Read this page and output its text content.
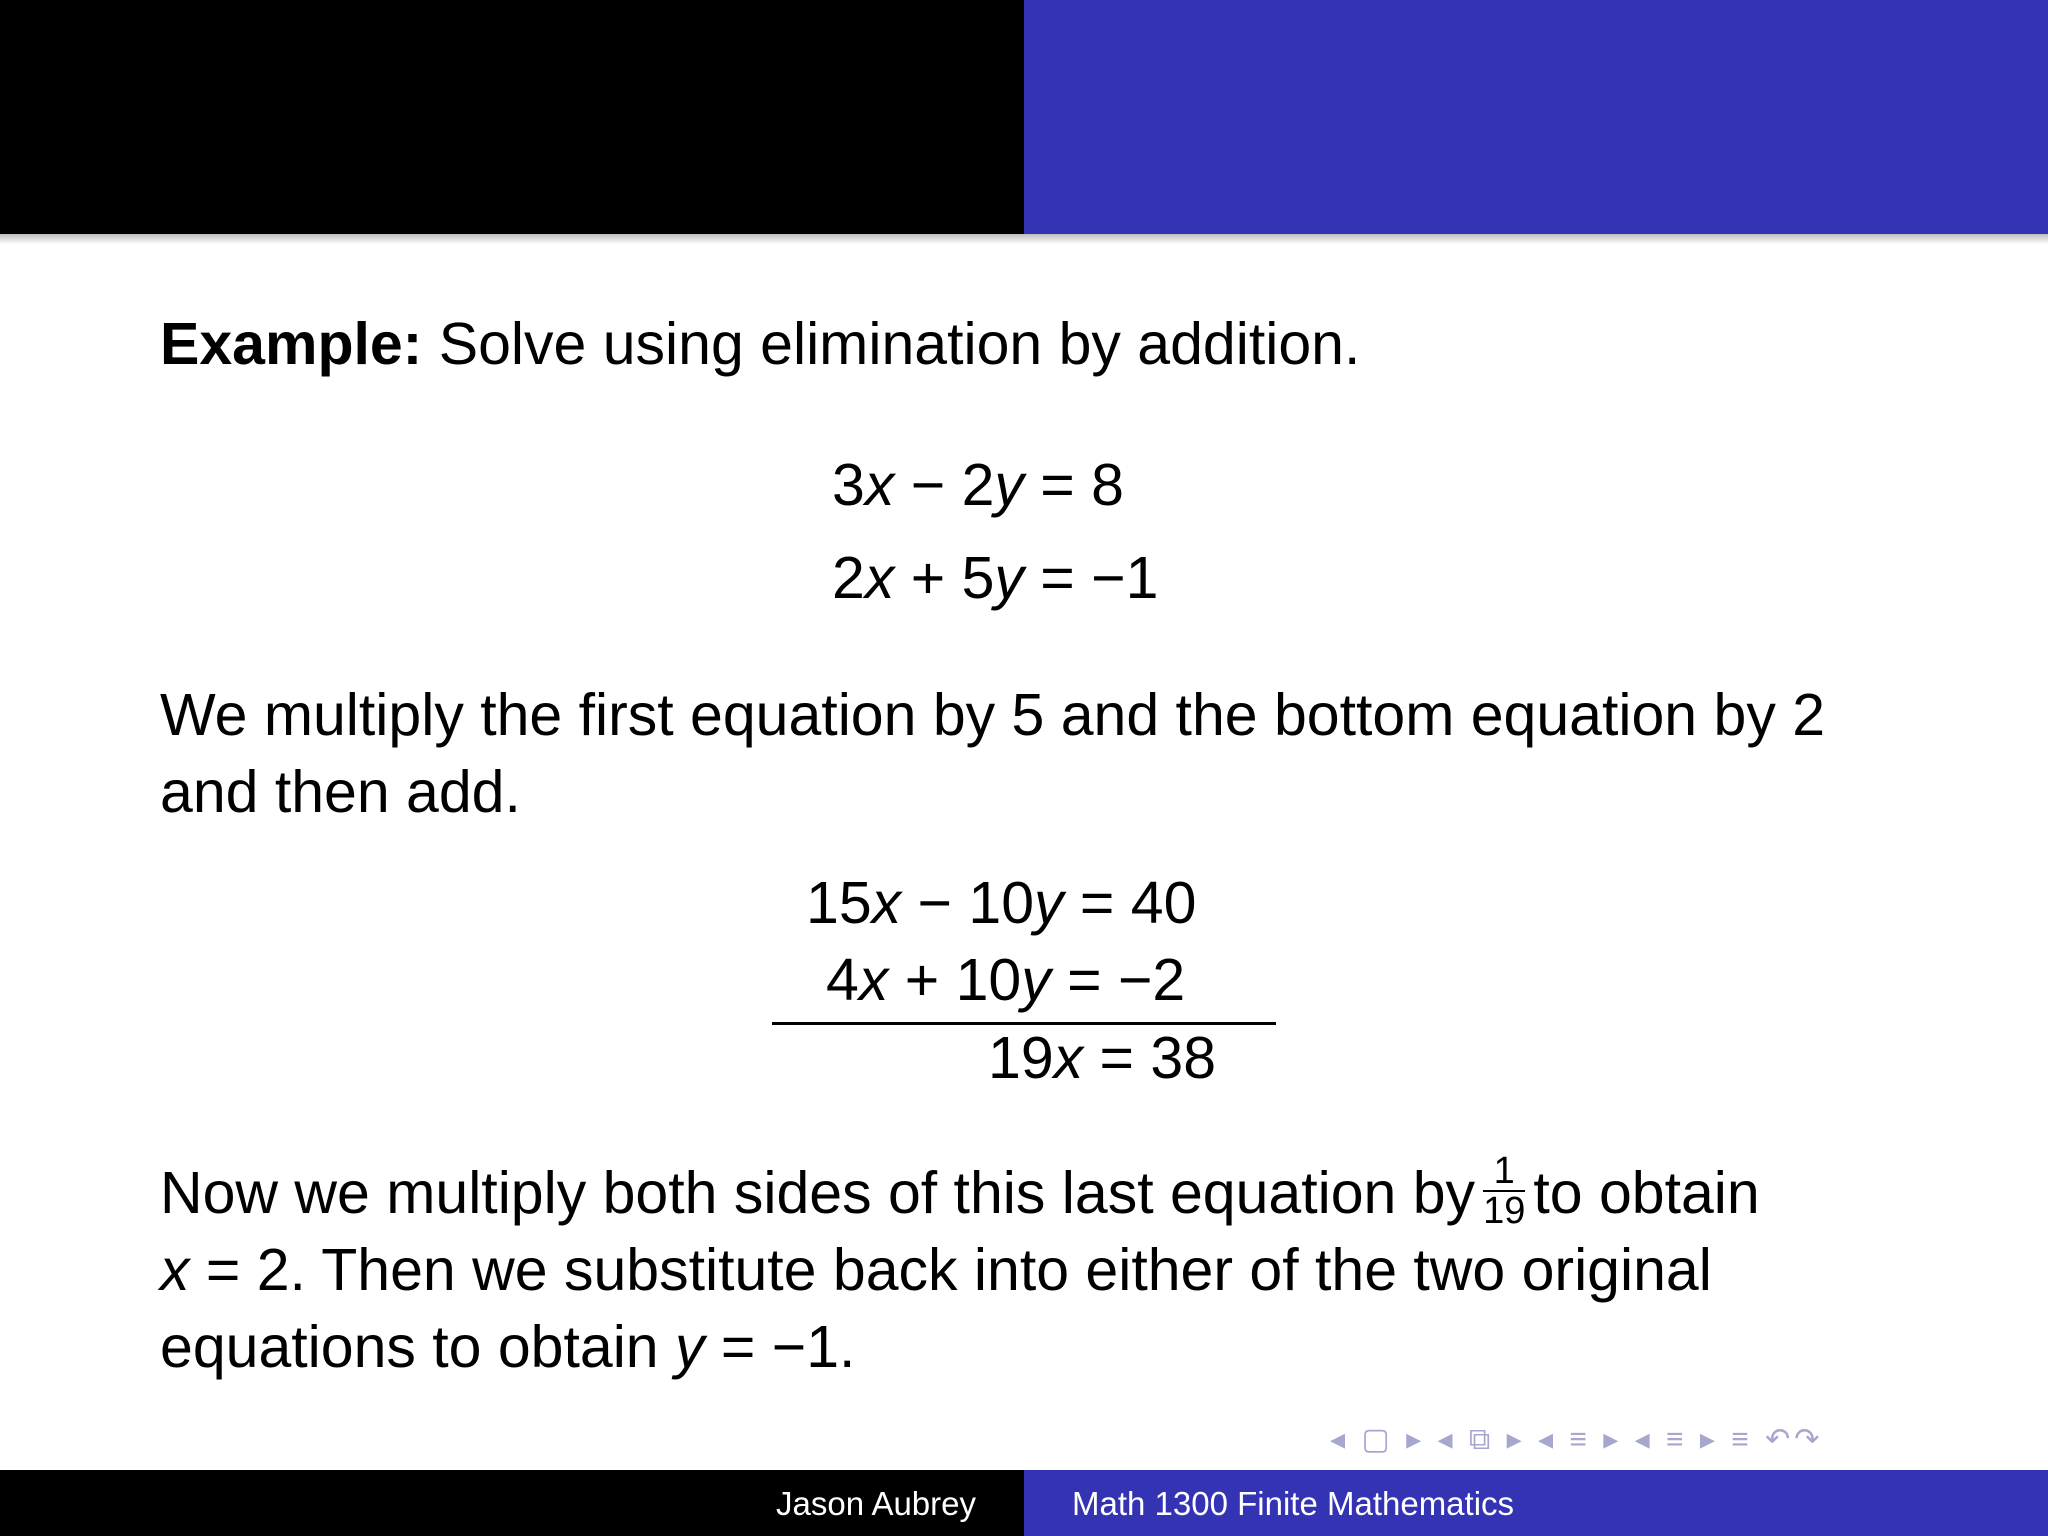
Example: Solve using elimination by addition.
3x − 2y = 8
2x + 5y = −1
We multiply the first equation by 5 and the bottom equation by 2
and then add.
15x − 10y = 40
4x + 10y = −2
19x = 38
Now we multiply both sides of this last equation by $\frac{1}{19}$ to obtain
x = 2. Then we substitute back into either of the two original
equations to obtain y = −1.
◂ ▢ ▸ ◂ ⧉ ▸ ◂ ≡ ▸ ◂ ≡ ▸ ≡ ↶↷
Jason Aubrey	Math 1300 Finite Mathematics
